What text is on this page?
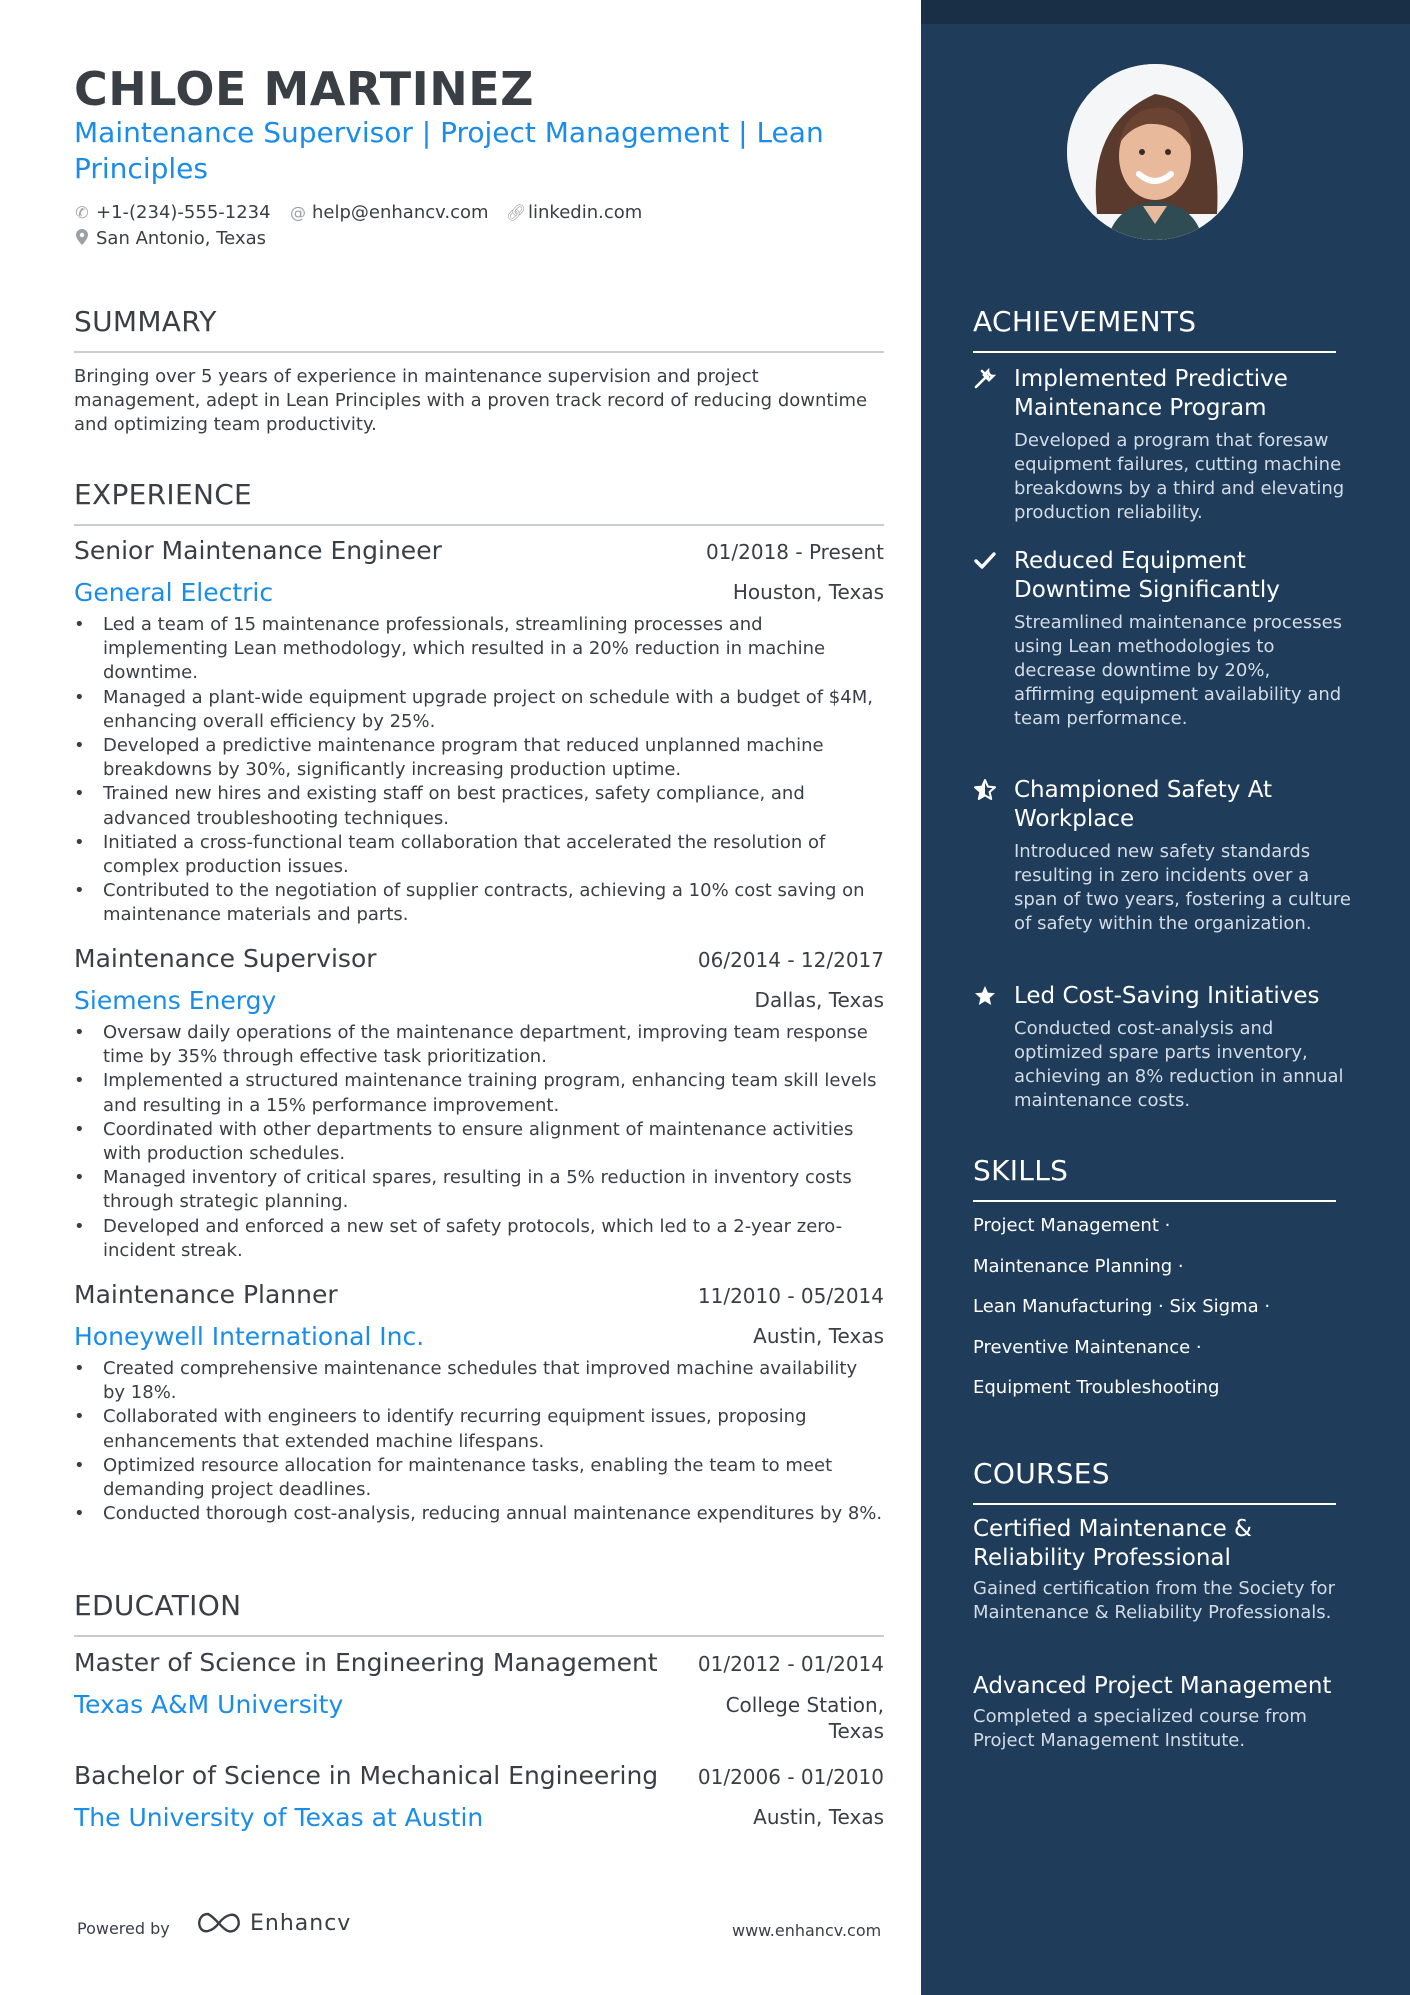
ACHIEVEMENTS
Implemented Predictive Maintenance Program
Developed a program that foresaw equipment failures, cutting machine breakdowns by a third and elevating production reliability.
Reduced Equipment Downtime Significantly
Streamlined maintenance processes using Lean methodologies to decrease downtime by 20%, affirming equipment availability and team performance.
Championed Safety At Workplace
Introduced new safety standards resulting in zero incidents over a span of two years, fostering a culture of safety within the organization.
Led Cost-Saving Initiatives
Conducted cost-analysis and optimized spare parts inventory, achieving an 8% reduction in annual maintenance costs.
SKILLS
Project Management ·
Maintenance Planning ·
Lean Manufacturing · Six Sigma ·
Preventive Maintenance ·
Equipment Troubleshooting
COURSES
Certified Maintenance & Reliability Professional
Gained certification from the Society for Maintenance & Reliability Professionals.
Advanced Project Management
Completed a specialized course from Project Management Institute.
CHLOE MARTINEZ
Maintenance Supervisor | Project Management | Lean Principles
✆ +1-(234)-555-1234 @ help@enhancv.com 🔗︎ linkedin.com
San Antonio, Texas
SUMMARY
Bringing over 5 years of experience in maintenance supervision and project management, adept in Lean Principles with a proven track record of reducing downtime and optimizing team productivity.
EXPERIENCE
Senior Maintenance Engineer	01/2018 - Present
General Electric	Houston, Texas
• Led a team of 15 maintenance professionals, streamlining processes and implementing Lean methodology, which resulted in a 20% reduction in machine downtime.
• Managed a plant-wide equipment upgrade project on schedule with a budget of $4M, enhancing overall efficiency by 25%.
• Developed a predictive maintenance program that reduced unplanned machine breakdowns by 30%, significantly increasing production uptime.
• Trained new hires and existing staff on best practices, safety compliance, and advanced troubleshooting techniques.
• Initiated a cross-functional team collaboration that accelerated the resolution of complex production issues.
• Contributed to the negotiation of supplier contracts, achieving a 10% cost saving on maintenance materials and parts.
Maintenance Supervisor	06/2014 - 12/2017
Siemens Energy	Dallas, Texas
• Oversaw daily operations of the maintenance department, improving team response time by 35% through effective task prioritization.
• Implemented a structured maintenance training program, enhancing team skill levels and resulting in a 15% performance improvement.
• Coordinated with other departments to ensure alignment of maintenance activities with production schedules.
• Managed inventory of critical spares, resulting in a 5% reduction in inventory costs through strategic planning.
• Developed and enforced a new set of safety protocols, which led to a 2-year zero-incident streak.
Maintenance Planner	11/2010 - 05/2014
Honeywell International Inc.	Austin, Texas
• Created comprehensive maintenance schedules that improved machine availability by 18%.
• Collaborated with engineers to identify recurring equipment issues, proposing enhancements that extended machine lifespans.
• Optimized resource allocation for maintenance tasks, enabling the team to meet demanding project deadlines.
• Conducted thorough cost-analysis, reducing annual maintenance expenditures by 8%.
EDUCATION
Master of Science in Engineering Management 01/2012 - 01/2014
Texas A&M University	College Station,
Texas
Bachelor of Science in Mechanical Engineering 01/2006 - 01/2010
The University of Texas at Austin	Austin, Texas
Powered by	Enhancv	www.enhancv.com
